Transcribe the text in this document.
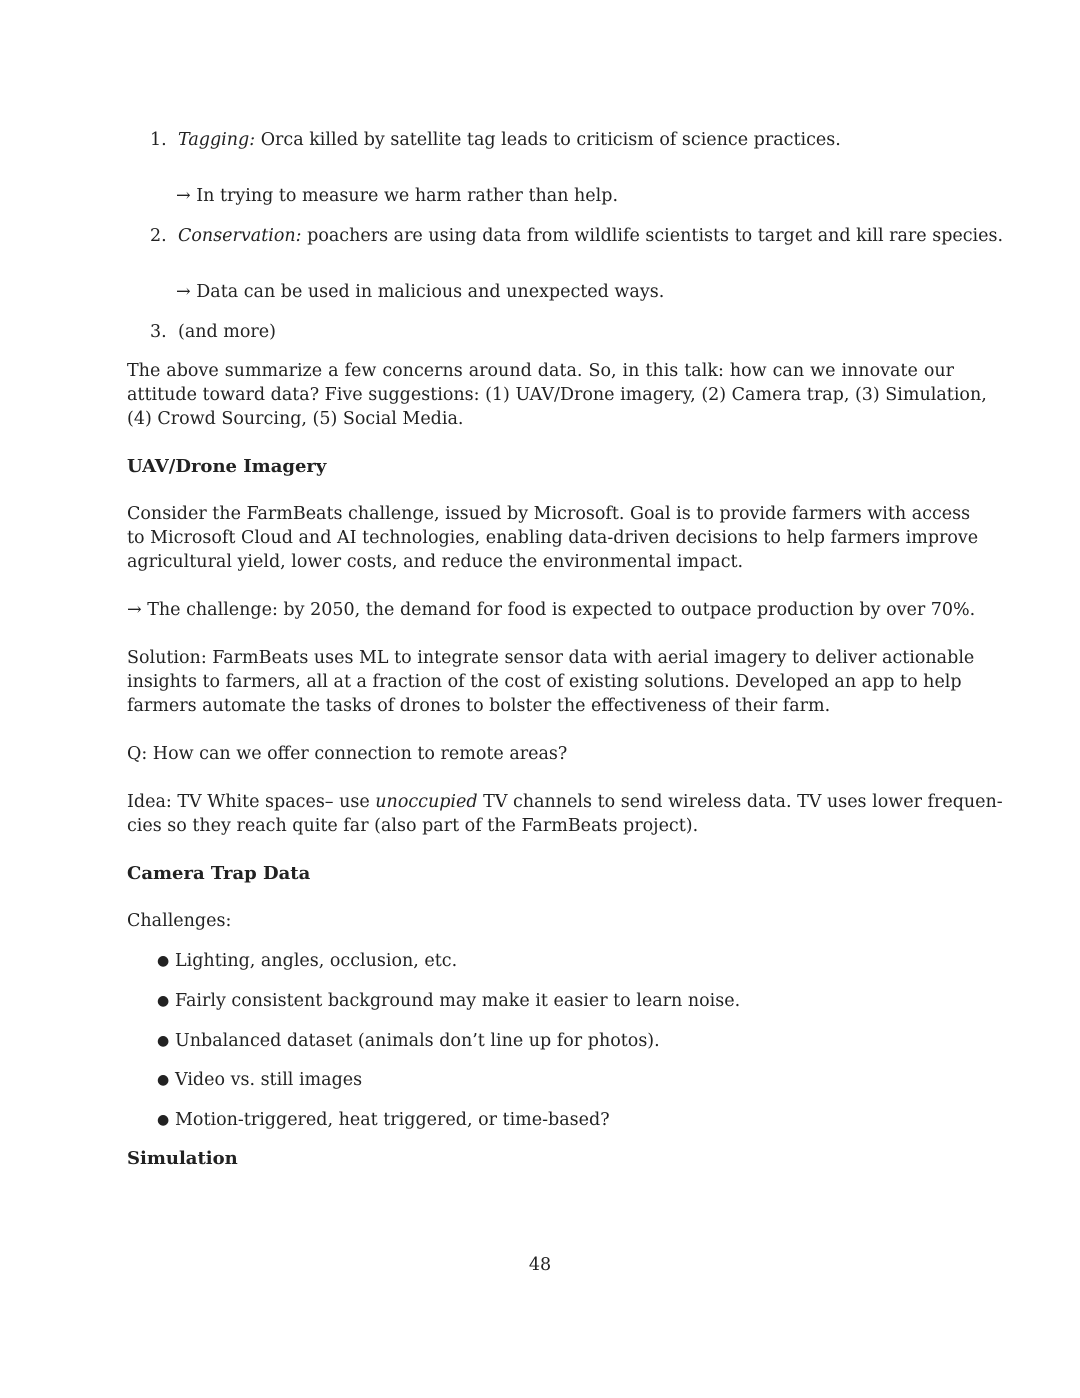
1. Tagging: Orca killed by satellite tag leads to criticism of science practices.
→ In trying to measure we harm rather than help.
2. Conservation: poachers are using data from wildlife scientists to target and kill rare species.
→ Data can be used in malicious and unexpected ways.
3. (and more)
The above summarize a few concerns around data. So, in this talk: how can we innovate our
attitude toward data? Five suggestions: (1) UAV/Drone imagery, (2) Camera trap, (3) Simulation,
(4) Crowd Sourcing, (5) Social Media.
UAV/Drone Imagery
Consider the FarmBeats challenge, issued by Microsoft. Goal is to provide farmers with access
to Microsoft Cloud and AI technologies, enabling data-driven decisions to help farmers improve
agricultural yield, lower costs, and reduce the environmental impact.
→ The challenge: by 2050, the demand for food is expected to outpace production by over 70%.
Solution: FarmBeats uses ML to integrate sensor data with aerial imagery to deliver actionable
insights to farmers, all at a fraction of the cost of existing solutions. Developed an app to help
farmers automate the tasks of drones to bolster the effectiveness of their farm.
Q: How can we offer connection to remote areas?
Idea: TV White spaces– use unoccupied TV channels to send wireless data. TV uses lower frequen-
cies so they reach quite far (also part of the FarmBeats project).
Camera Trap Data
Challenges:
● Lighting, angles, occlusion, etc.
● Fairly consistent background may make it easier to learn noise.
● Unbalanced dataset (animals don’t line up for photos).
● Video vs. still images
● Motion-triggered, heat triggered, or time-based?
Simulation
48
